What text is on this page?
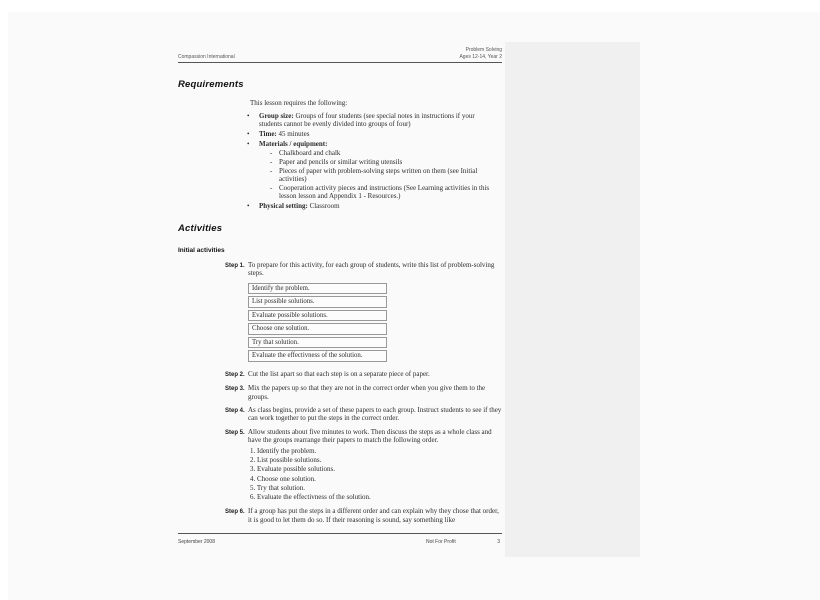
Compassion International
Problem Solving
Ages 12-14, Year 2
Requirements
This lesson requires the following:
• Group size: Groups of four students (see special notes in instructions if your students cannot be evenly divided into groups of four)
• Time: 45 minutes
• Materials / equipment:
- Chalkboard and chalk
- Paper and pencils or similar writing utensils
- Pieces of paper with problem-solving steps written on them (see Initial activities)
- Cooperation activity pieces and instructions (See Learning activities in this lesson lesson and Appendix 1 - Resources.)
• Physical setting: Classroom
Activities
Initial activities
Step 1. To prepare for this activity, for each group of students, write this list of problem-solving steps.
Identify the problem.
List possible solutions.
Evaluate possible solutions.
Choose one solution.
Try that solution.
Evaluate the effectivness of the solution.
Step 2. Cut the list apart so that each step is on a separate piece of paper.
Step 3. Mix the papers up so that they are not in the correct order when you give them to the groups.
Step 4. As class begins, provide a set of these papers to each group. Instruct students to see if they can work together to put the steps in the correct order.
Step 5. Allow students about five minutes to work. Then discuss the steps as a whole class and have the groups rearrange their papers to match the following order.
Identify the problem.
List possible solutions.
Evaluate possible solutions.
Choose one solution.
Try that solution.
Evaluate the effectivness of the solution.
Step 6. If a group has put the steps in a different order and can explain why they chose that order, it is good to let them do so. If their reasoning is sound, say something like
September 2008	Not For Profit	3
